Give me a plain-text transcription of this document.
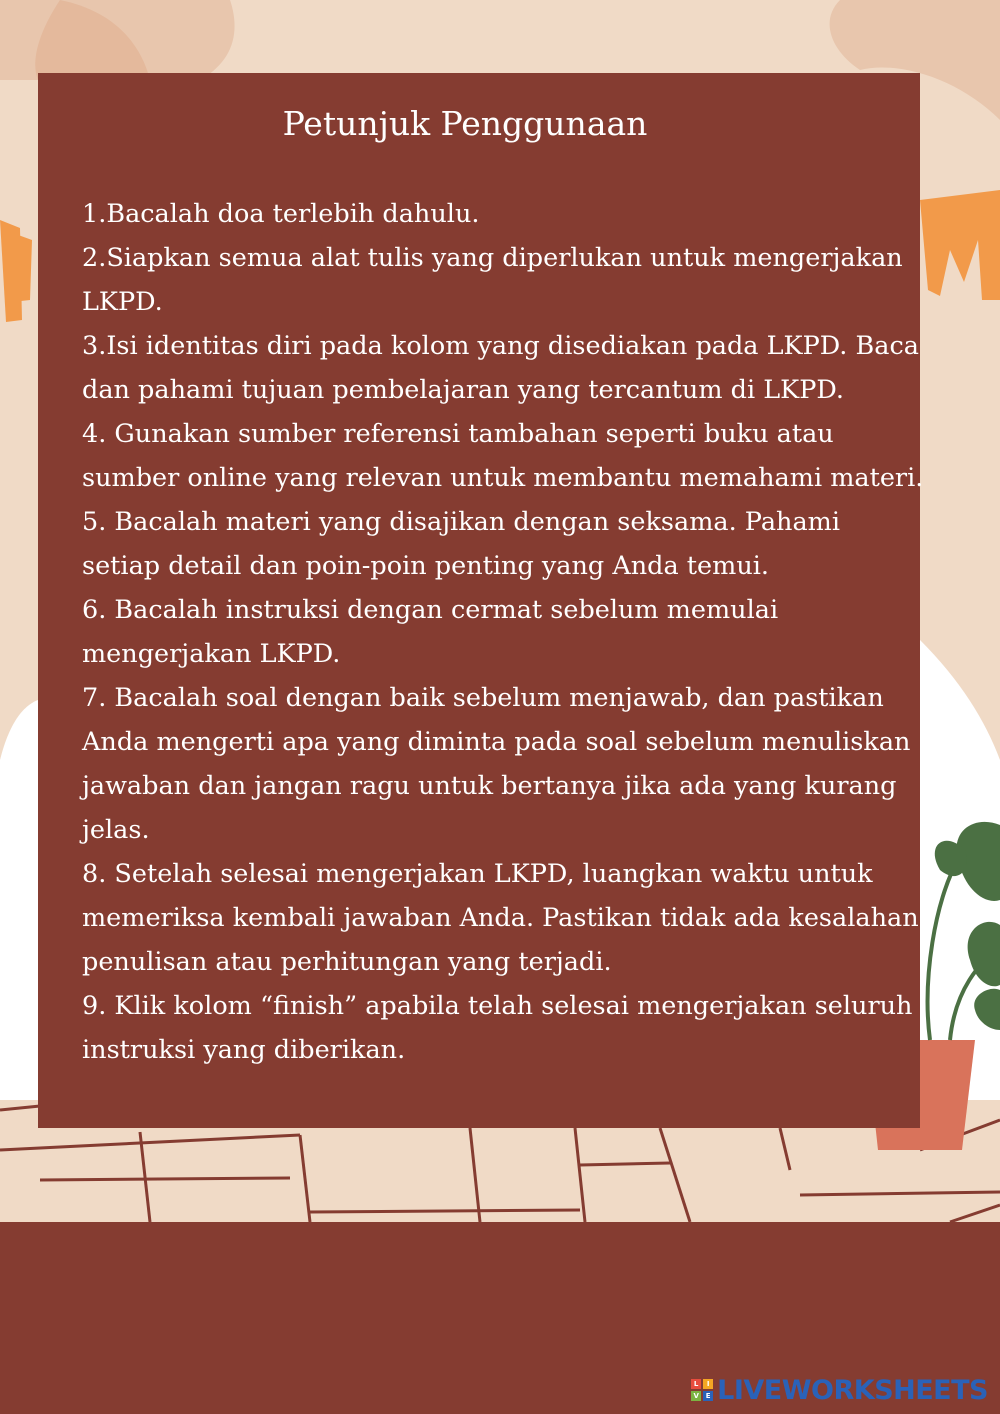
Petunjuk Penggunaan
1.Bacalah doa terlebih dahulu.
2.Siapkan semua alat tulis yang diperlukan untuk mengerjakan LKPD.
3.Isi identitas diri pada kolom yang disediakan pada LKPD. Baca dan pahami tujuan pembelajaran yang tercantum di LKPD.
4. Gunakan sumber referensi tambahan seperti buku atau sumber online yang relevan untuk membantu memahami materi.
5. Bacalah materi yang disajikan dengan seksama. Pahami setiap detail dan poin-poin penting yang Anda temui.
6. Bacalah instruksi dengan cermat sebelum memulai mengerjakan LKPD.
7. Bacalah soal dengan baik sebelum menjawab, dan pastikan Anda mengerti apa yang diminta pada soal sebelum menuliskan jawaban dan jangan ragu untuk bertanya jika ada yang kurang jelas.
8. Setelah selesai mengerjakan LKPD, luangkan waktu untuk memeriksa kembali jawaban Anda. Pastikan tidak ada kesalahan penulisan atau perhitungan yang terjadi.
9. Klik kolom “finish” apabila telah selesai mengerjakan seluruh instruksi yang diberikan.
L	I
V E LIVEWORKSHEETS
